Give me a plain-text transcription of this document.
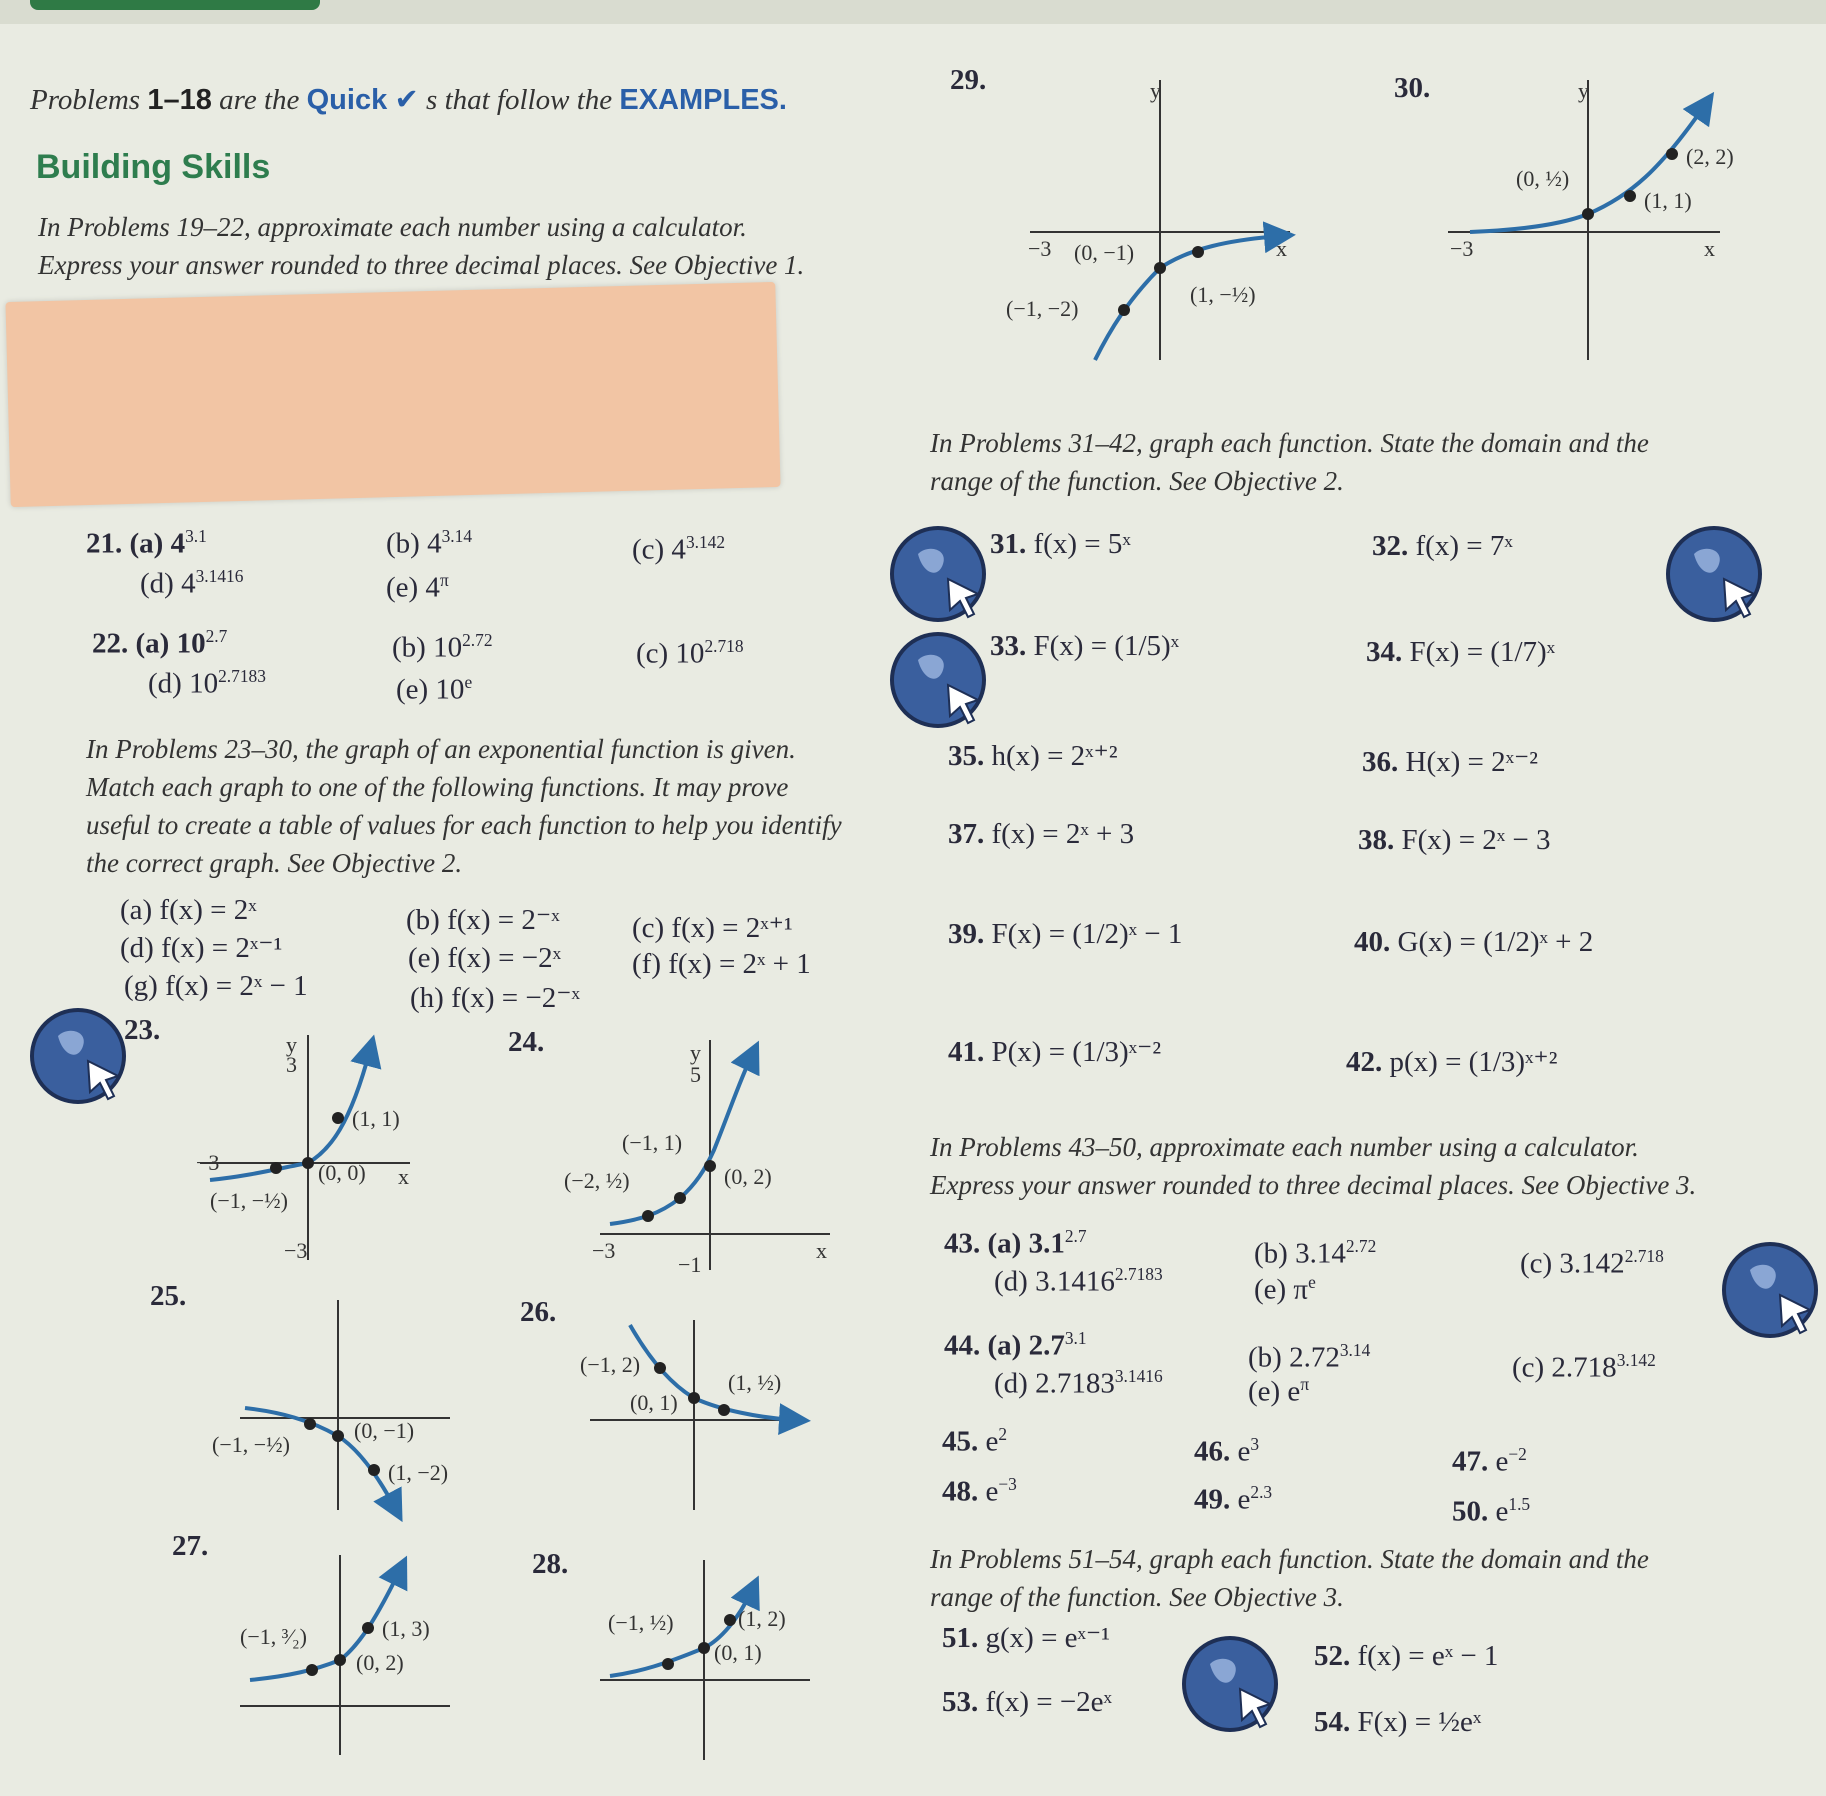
Problems 1–18 are the Quick ✔ s that follow the EXAMPLES.
Building Skills
In Problems 19–22, approximate each number using a calculator.
Express your answer rounded to three decimal places. See Objective 1.
21. (a) $4^{3.1}$	(b) $4^{3.14}$	(c) $4^{3.142}$
(d) $4^{3.1416}$	(e) $4^\pi$
22. (a) $10^{2.7}$	(b) $10^{2.72}$	(c) $10^{2.718}$
(d) $10^{2.7183}$	(e) 10e
In Problems 23–30, the graph of an exponential function is given.
Match each graph to one of the following functions. It may prove
useful to create a table of values for each function to help you identify
the correct graph. See Objective 2.
(a) f(x) = 2ˣ	(b) f(x) = 2⁻ˣ (c) f(x) = 2ˣ⁺¹
(d) f(x) = 2ˣ⁻¹	(e) f(x) = −2ˣ (f) f(x) = 2ˣ + 1
(g) f(x) = 2ˣ − 1	(h) f(x) = −2⁻ˣ
23.	24.
25.	26.
27.
28.
29.	30.
(1, 1)
(0, 0)
(−1, −½)
(−1, 1)
(−2, ½)	(0, 2)
(−1, −½)
(0, −1)
(1, −2)
(−1, 2)
(0, 1)
(1, ½)
(−1, ³⁄₂)	(1, 3)
(0, 2)
(−1, ½)	(1, 2)
(0, 1)
(0, −1)
(−1, −2)
(1, −½)
(0, ½)
(2, 2)
(1, 1)
y
3
−3
x
−3
y
5
−3	x
−1
y
−3	x
y
−3	x
In Problems 31–42, graph each function. State the domain and the
range of the function. See Objective 2.
31. f(x) = 5ˣ	32. f(x) = 7ˣ
33. F(x) = (1/5)ˣ	34. F(x) = (1/7)ˣ
35. h(x) = 2ˣ⁺²	36. H(x) = 2ˣ⁻²
37. f(x) = 2ˣ + 3	38. F(x) = 2ˣ − 3
39. F(x) = (1/2)ˣ − 1	40. G(x) = (1/2)ˣ + 2
41. P(x) = (1/3)ˣ⁻²	42. p(x) = (1/3)ˣ⁺²
In Problems 43–50, approximate each number using a calculator.
Express your answer rounded to three decimal places. See Objective 3.
43. (a) $3.1^{2.7}$
(b) $3.14^{2.72}$
(c) $3.142^{2.718}$
(d) $3.1416^{2.7183}$	(e) $\pi^e$
44. (a) $2.7^{3.1}$
(b) $2.72^{3.14}$
(c) $2.718^{3.142}$
(d) $2.7183^{3.1416}$	(e) $e^\pi$
45. $e^2$
46. $e^3$
47. $e^{-2}$
48. $e^{-3}$	49. $e^{2.3}$
50. $e^{1.5}$
In Problems 51–54, graph each function. State the domain and the
range of the function. See Objective 3.
51. g(x) = eˣ⁻¹
52. f(x) = eˣ − 1
53. f(x) = −2eˣ
54. F(x) = ½eˣ
